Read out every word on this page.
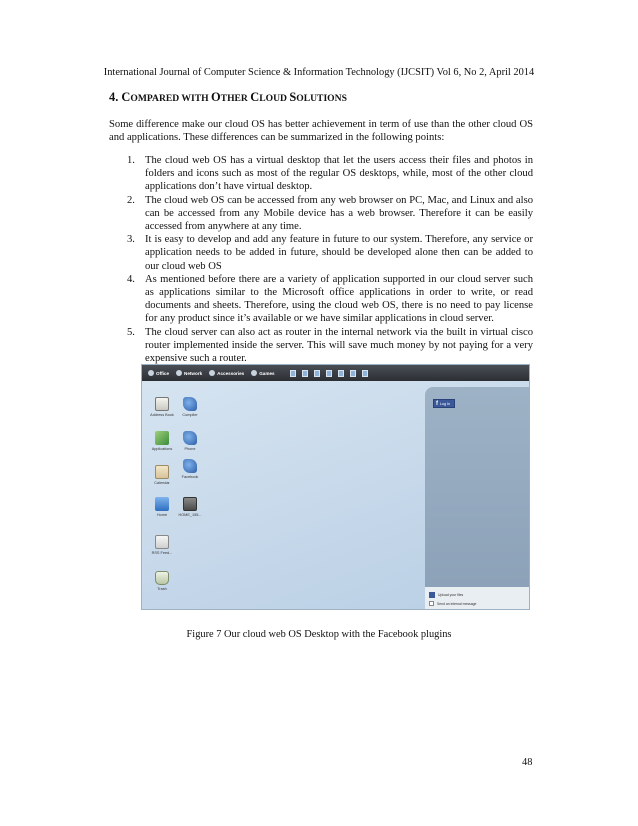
International Journal of Computer Science & Information Technology (IJCSIT) Vol 6, No 2, April 2014
4. COMPARED WITH OTHER CLOUD SOLUTIONS

Some difference make our cloud OS has better achievement in term of use than the other cloud OS and applications. These differences can be summarized in the following points:

1. The cloud web OS has a virtual desktop that let the users access their files and photos in folders and icons such as most of the regular OS desktops, while, most of the other cloud applications don’t have virtual desktop.
2. The cloud web OS can be accessed from any web browser on PC, Mac, and Linux and also can be accessed from any Mobile device has a web browser. Therefore it can be easily accessed from anywhere at any time.
3. It is easy to develop and add any feature in future to our system. Therefore, any service or application needs to be added in future, should be developed alone then can be added to our cloud web OS
4. As mentioned before there are a variety of application supported in our cloud server such as applications similar to the Microsoft office applications in order to write, or read documents and sheets. Therefore, using the cloud web OS, there is no need to pay license for any product since it’s available or we have similar applications in cloud server.
5. The cloud server can also act as router in the internal network via the built in virtual cisco router implemented inside the server. This will save much money by not paying for a very expensive such a router.
Office	Network	Accessories	Games
Address Book	Compiler
Applications	Phone
Facebook
Calendar
Home	HOME_155...
RSS Feed...
Trash
f Log In
Upload your files
Send an internal message
Figure 7 Our cloud web OS Desktop with the Facebook plugins
48
